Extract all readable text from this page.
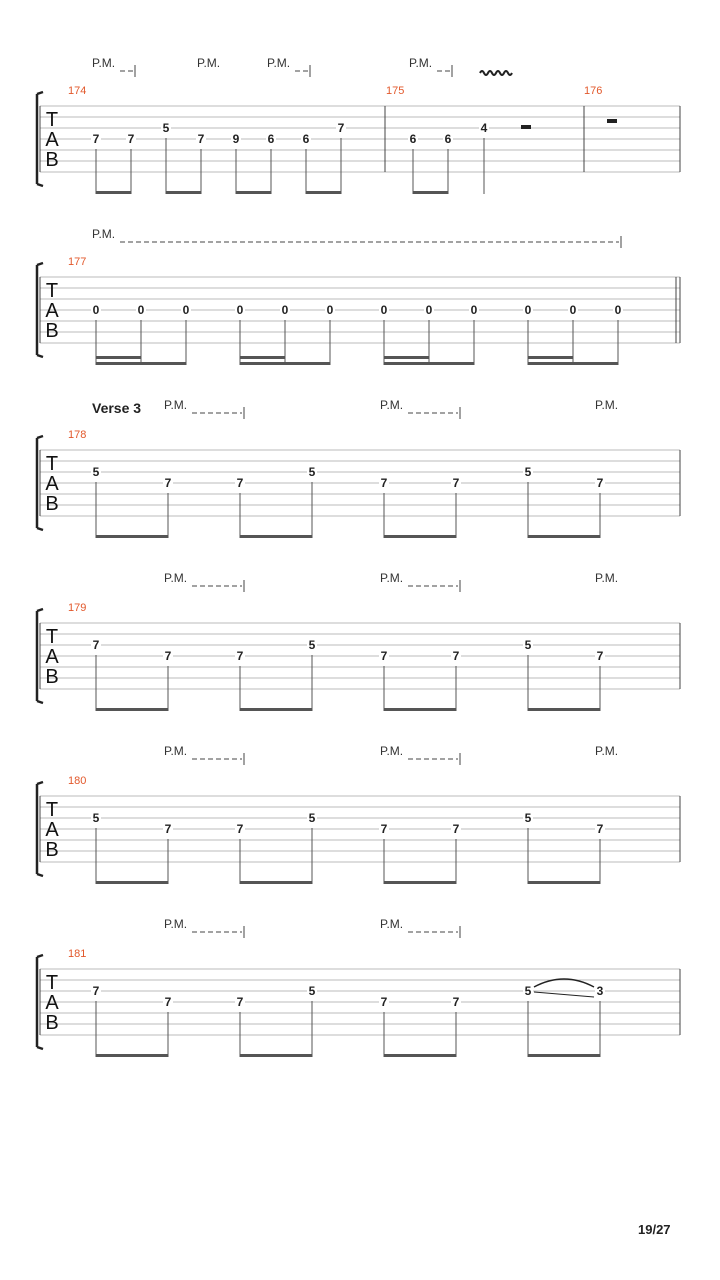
T
A
B
174	175	176
P.M.	P.M.	P.M.	P.M.
7 7
5
7 9 6 6
7
6 6
4
T
A
B
177
P.M.
0	0	0	0	0	0	0	0	0	0	0	0
T
A
B
178
Verse 3 P.M.	P.M.	P.M.
5
7	7
5
7	7
5
7
T
A
B
179
P.M.	P.M.	P.M.
7
7	7
5
7	7
5
7
T
A
B
180
P.M.	P.M.	P.M.
5
7	7
5
7	7
5
7
T
A
B
181
P.M.	P.M.
7
7	7
5
7	7
5	3
19/27
